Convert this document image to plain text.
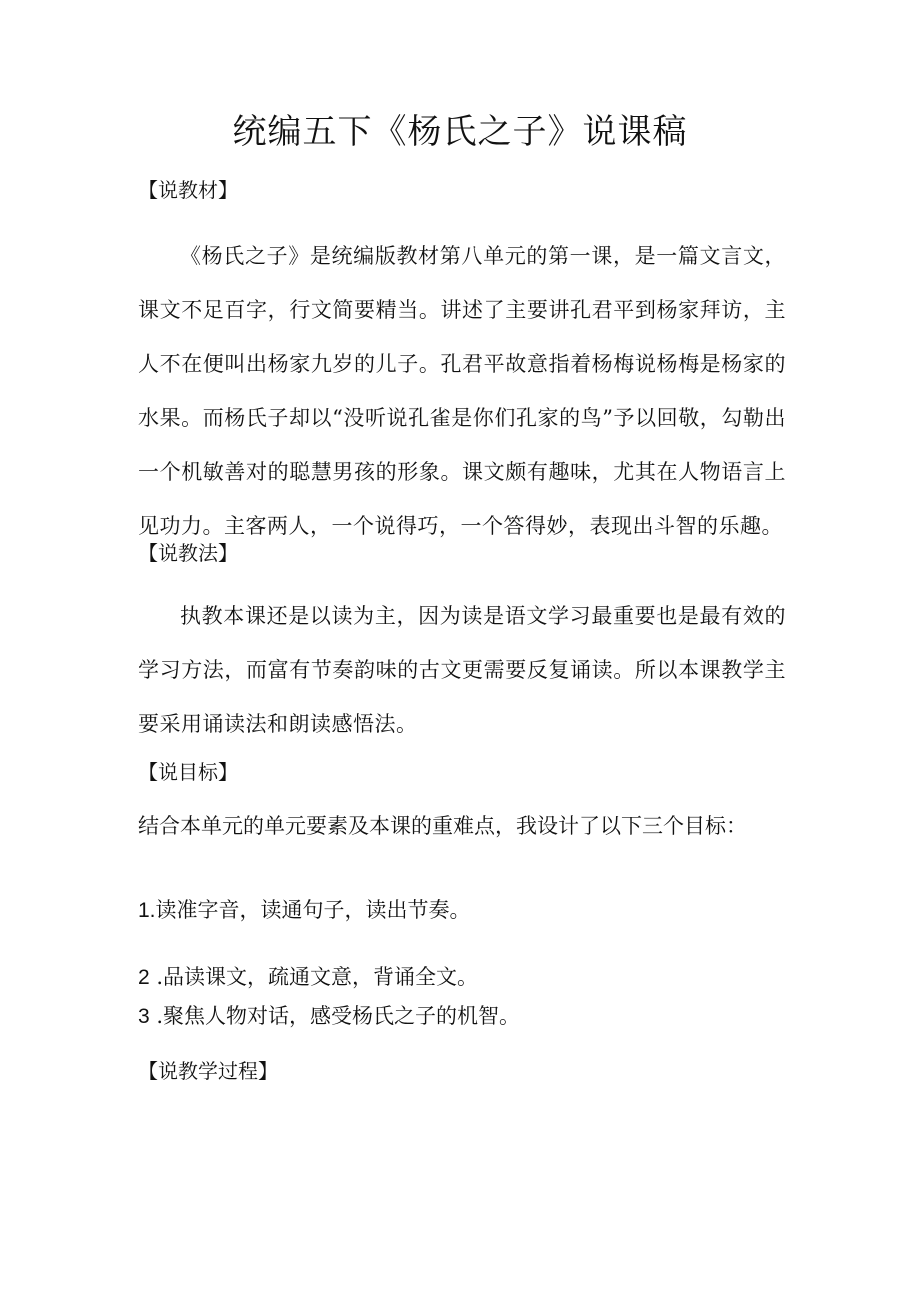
统编五下《杨氏之子》说课稿
【说教材】

《杨氏之子》是统编版教材第八单元的第一课，是一篇文言文，课文不足百字，行文简要精当。讲述了主要讲孔君平到杨家拜访，主人不在便叫出杨家九岁的儿子。孔君平故意指着杨梅说杨梅是杨家的水果。而杨氏子却以“没听说孔雀是你们孔家的鸟”予以回敬，勾勒出一个机敏善对的聪慧男孩的形象。课文颇有趣味，尤其在人物语言上见功力。主客两人，一个说得巧，一个答得妙，表现出斗智的乐趣。

【说教法】

执教本课还是以读为主，因为读是语文学习最重要也是最有效的学习方法，而富有节奏韵味的古文更需要反复诵读。所以本课教学主要采用诵读法和朗读感悟法。

【说目标】

结合本单元的单元要素及本课的重难点，我设计了以下三个目标：

1.读准字音，读通句子，读出节奏。

2 .品读课文，疏通文意，背诵全文。

3 .聚焦人物对话，感受杨氏之子的机智。

【说教学过程】
